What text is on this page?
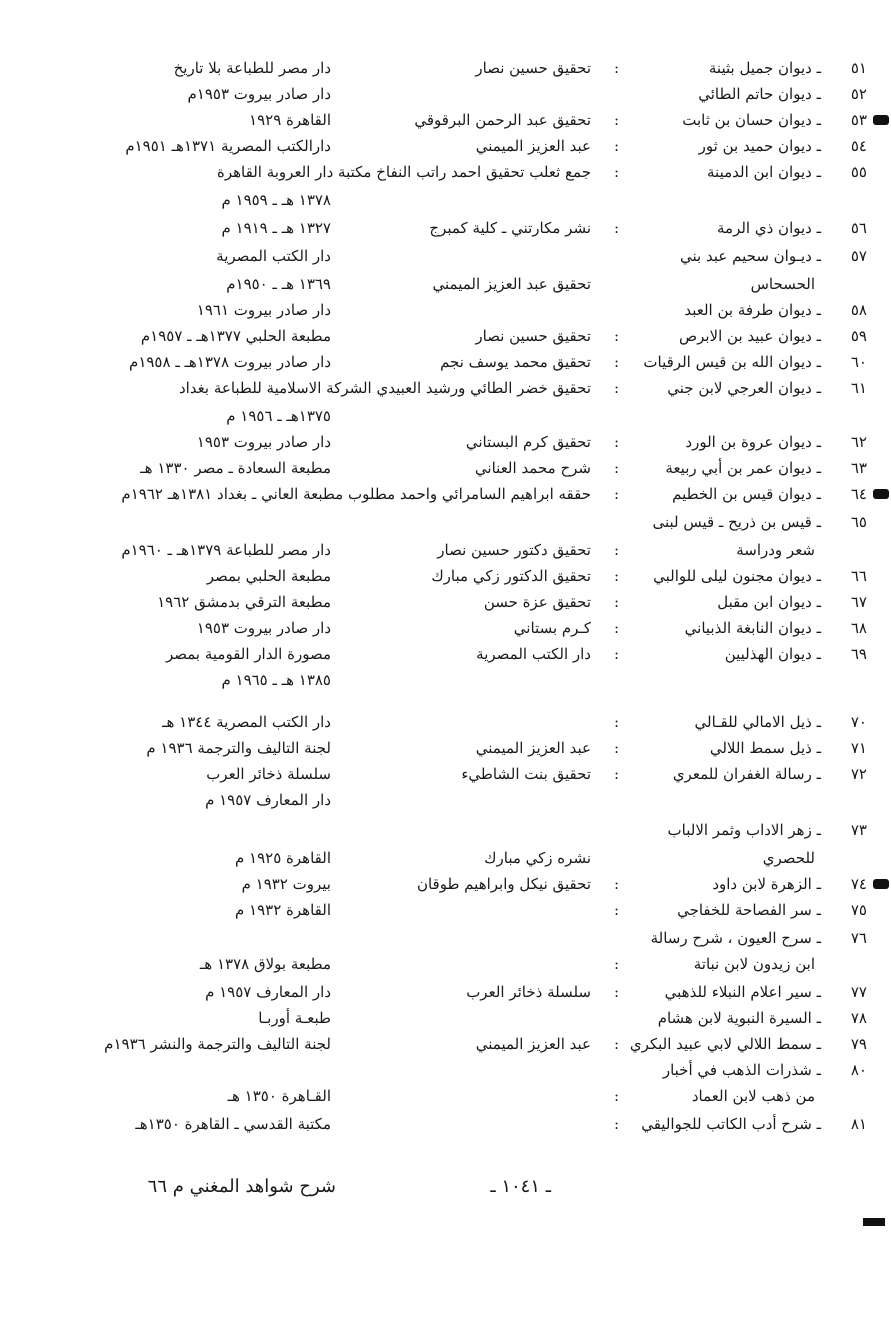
٥١
ـ ديوان جميل بثينة
:
تحقيق حسين نصار
دار مصر للطباعة بلا تاريخ
٥٢
ـ ديوان حاتم الطائي
دار صادر بيروت ١٩٥٣م
٥٣
ـ ديوان حسان بن ثابت
:
تحقيق عبد الرحمن البرقوقي
القاهرة ١٩٢٩
٥٤
ـ ديوان حميد بن ثور
:
عبد العزيز الميمني
دارالكتب المصرية ١٣٧١هـ ١٩٥١م
٥٥
ـ ديوان ابن الدمينة
:
جمع ثعلب تحقيق احمد راتب النفاخ مكتبة دار العروبة القاهرة
١٣٧٨ هـ ـ ١٩٥٩ م
٥٦
ـ ديوان ذي الرمة
:
نشر مكارتني ـ كلية كمبرج
١٣٢٧ هـ ـ ١٩١٩ م
٥٧
ـ ديـوان سحيم عبد بني
دار الكتب المصرية
الحسحاس
تحقيق عبد العزيز الميمني
١٣٦٩ هـ ـ ١٩٥٠م
٥٨
ـ ديوان طرفة بن العبد
دار صادر بيروت ١٩٦١
٥٩
ـ ديوان عبيد بن الابرص
:
تحقيق حسين نصار
مطبعة الحلبي ١٣٧٧هـ ـ ١٩٥٧م
٦٠
ـ ديوان الله بن قيس الرقيات
:
تحقيق محمد يوسف نجم
دار صادر بيروت ١٣٧٨هـ ـ ١٩٥٨م
٦١
ـ ديوان العرجي لابن جني
:
تحقيق خضر الطائي ورشيد العبيدي الشركة الاسلامية للطباعة بغداد
١٣٧٥هـ ـ ١٩٥٦ م
٦٢
ـ ديوان عروة بن الورد
:
تحقيق كرم البستاني
دار صادر بيروت ١٩٥٣
٦٣
ـ ديوان عمر بن أبي ربيعة
:
شرح محمد العناني
مطبعة السعادة ـ مصر ١٣٣٠ هـ
٦٤
ـ ديوان قيس بن الخطيم
:
حققه ابراهيم السامرائي واحمد مطلوب مطبعة العاني ـ بغداد ١٣٨١هـ ١٩٦٢م
٦٥
ـ قيس بن ذريح ـ قيس لبنى
شعر ودراسة
:
تحقيق دكتور حسين نصار
دار مصر للطباعة ١٣٧٩هـ ـ ١٩٦٠م
٦٦
ـ ديوان مجنون ليلى للوالبي
:
تحقيق الدكتور زكي مبارك
مطبعة الحلبي بمصر
٦٧
ـ ديوان ابن مقبل
:
تحقيق عزة حسن
مطبعة الترقي بدمشق ١٩٦٢
٦٨
ـ ديوان النابغة الذبياني
:
كـرم بستاني
دار صادر بيروت ١٩٥٣
٦٩
ـ ديوان الهذليين
:
دار الكتب المصرية
مصورة الدار القومية بمصر
١٣٨٥ هـ ـ ١٩٦٥ م
٧٠
ـ ذيل الامالي للقـالي
:
دار الكتب المصرية ١٣٤٤ هـ
٧١
ـ ذيل سمط اللالي
:
عبد العزيز الميمني
لجنة التاليف والترجمة ١٩٣٦ م
٧٢
ـ رسالة الغفران للمعري
:
تحقيق بنت الشاطيء
سلسلة ذخائر العرب
دار المعارف ١٩٥٧ م
٧٣
ـ زهر الاداب وثمر الالباب
للحصري
نشره زكي مبارك
القاهرة ١٩٢٥ م
٧٤
ـ الزهرة لابن داود
:
تحقيق نيكل وابراهيم طوقان
بيروت ١٩٣٢ م
٧٥
ـ سر الفصاحة للخفاجي
:
القاهرة ١٩٣٢ م
٧٦
ـ سرح العيون ، شرح رسالة
ابن زيدون لابن نباتة
:
مطبعة بولاق ١٣٧٨ هـ
٧٧
ـ سير اعلام النبلاء للذهبي
:
سلسلة ذخائر العرب
دار المعارف ١٩٥٧ م
٧٨
ـ السيرة النبوية لابن هشام
طبعـة أوربـا
٧٩
ـ سمط اللالي لابي عبيد البكري
:
عبد العزيز الميمني
لجنة التاليف والترجمة والنشر ١٩٣٦م
٨٠
ـ شذرات الذهب في أخبار
من ذهب لابن العماد
:
القـاهرة ١٣٥٠ هـ
٨١
ـ شرح أدب الكاتب للجواليقي
:
مكتبة القدسي ـ القاهرة ١٣٥٠هـ
ـ ١٠٤١ ـ
شرح شواهد المغني م ٦٦
